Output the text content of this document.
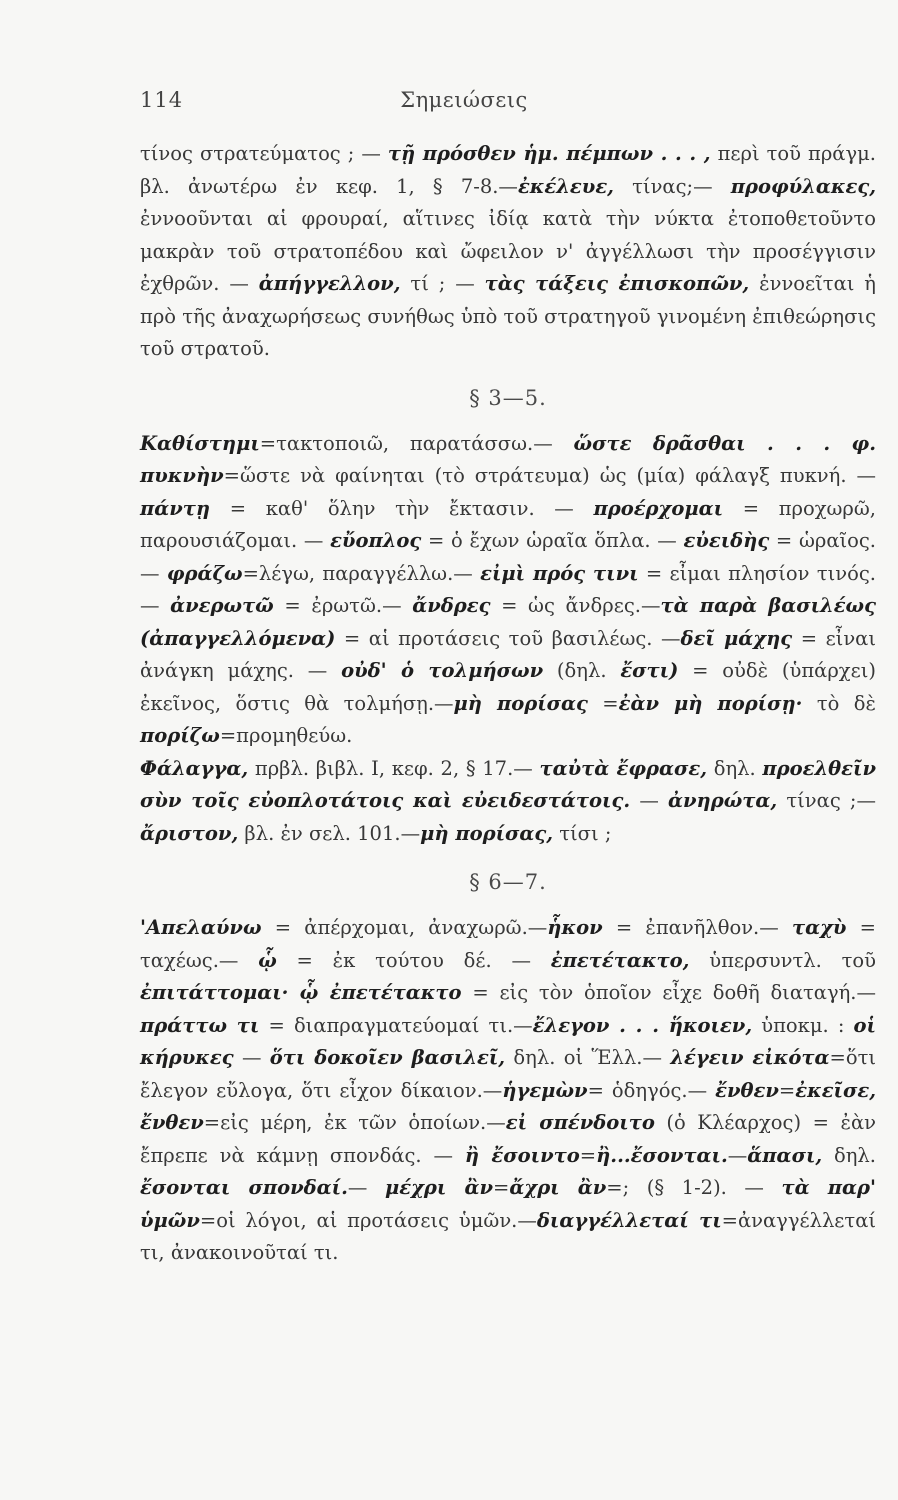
114	Σημειώσεις

τίνος στρατεύματος ; — τῇ πρόσθεν ἡμ. πέμπων . . . , περὶ τοῦ πράγμ. βλ. ἀνωτέρω ἐν κεφ. 1, § 7-8.—ἐκέλευε, τίνας;— προφύλακες, ἐννοοῦνται αἱ φρουραί, αἵτινες ἰδίᾳ κατὰ τὴν νύκτα ἐτοποθετοῦντο μακρὰν τοῦ στρατοπέδου καὶ ὤφειλον ν' ἀγγέλλωσι τὴν προσέγγισιν ἐχθρῶν. — ἀπήγγελλον, τί ; — τὰς τάξεις ἐπισκοπῶν, ἐννοεῖται ἡ πρὸ τῆς ἀναχωρήσεως συνήθως ὑπὸ τοῦ στρατηγοῦ γινομένη ἐπιθεώρησις τοῦ στρατοῦ.

§ 3—5.

Καθίστημι=τακτοποιῶ, παρατάσσω.— ὥστε δρᾶσθαι . . . φ. πυκνὴν=ὥστε νὰ φαίνηται (τὸ στράτευμα) ὡς (μία) φάλαγξ πυκνή. —πάντῃ = καθ' ὅλην τὴν ἔκτασιν. — προέρχομαι = προχωρῶ, παρουσιάζομαι. — εὔοπλος = ὁ ἔχων ὡραῖα ὅπλα. — εὐειδὴς = ὡραῖος.— φράζω=λέγω, παραγγέλλω.— εἰμὶ πρός τινι = εἶμαι πλησίον τινός. — ἀνερωτῶ = ἐρωτῶ.— ἄνδρες = ὡς ἄνδρες.—τὰ παρὰ βασιλέως (ἀπαγγελλόμενα) = αἱ προτάσεις τοῦ βασιλέως. —δεῖ μάχης = εἶναι ἀνάγκη μάχης. — οὐδ' ὁ τολμήσων (δηλ. ἔστι) = οὐδὲ (ὑπάρχει) ἐκεῖνος, ὅστις θὰ τολμήσῃ.—μὴ πορίσας =ἐὰν μὴ πορίσῃ· τὸ δὲ πορίζω=προμηθεύω.

Φάλαγγα, πρβλ. βιβλ. I, κεφ. 2, § 17.— ταὐτὰ ἔφρασε, δηλ. προελθεῖν σὺν τοῖς εὐοπλοτάτοις καὶ εὐειδεστάτοις. — ἀνηρώτα, τίνας ;—ἄριστον, βλ. ἐν σελ. 101.—μὴ πορίσας, τίσι ;

§ 6—7.

'Απελαύνω = ἀπέρχομαι, ἀναχωρῶ.—ἧκον = ἐπανῆλθον.— ταχὺ = ταχέως.— ᾧ = ἐκ τούτου δέ. — ἐπετέτακτο, ὑπερσυντλ. τοῦ ἐπιτάττομαι· ᾧ ἐπετέτακτο = εἰς τὸν ὁποῖον εἶχε δοθῆ διαταγή.—πράττω τι = διαπραγματεύομαί τι.—ἔλεγον . . . ἥκοιεν, ὑποκμ. : οἱ κήρυκες — ὅτι δοκοῖεν βασιλεῖ, δηλ. οἱ Ἕλλ.— λέγειν εἰκότα=ὅτι ἔλεγον εὔλογα, ὅτι εἶχον δίκαιον.—ἡγεμὼν= ὁδηγός.— ἔνθεν=ἐκεῖσε, ἔνθεν=εἰς μέρη, ἐκ τῶν ὁποίων.—εἰ σπένδοιτο (ὁ Κλέαρχος) = ἐὰν ἔπρεπε νὰ κάμνῃ σπονδάς. — ἢ ἔσοιντο=ἢ...ἔσονται.—ἅπασι, δηλ. ἔσονται σπονδαί.— μέχρι ἂν=ἄχρι ἂν=; (§ 1-2). — τὰ παρ' ὑμῶν=οἱ λόγοι, αἱ προτάσεις ὑμῶν.—διαγγέλλεταί τι=ἀναγγέλλεταί τι, ἀνακοινοῦταί τι.
